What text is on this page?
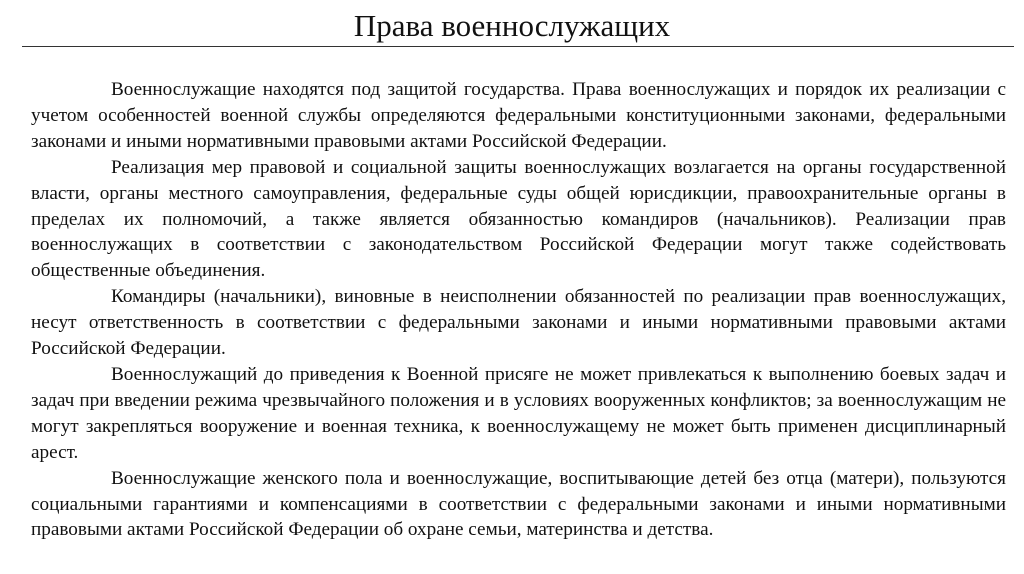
Права военнослужащих

Военнослужащие находятся под защитой государства. Права военнослужащих и порядок их реализации с учетом особенностей военной службы определяются федеральными конституционными законами, федеральными законами и иными нормативными правовыми актами Российской Федерации.

Реализация мер правовой и социальной защиты военнослужащих возлагается на органы государственной власти, органы местного самоуправления, федеральные суды общей юрисдикции, правоохранительные органы в пределах их полномочий, а также является обязанностью командиров (начальников). Реализации прав военнослужащих в соответствии с законодательством Российской Федерации могут также содействовать общественные объединения.

Командиры (начальники), виновные в неисполнении обязанностей по реализации прав военнослужащих, несут ответственность в соответствии с федеральными законами и иными нормативными правовыми актами Российской Федерации.

Военнослужащий до приведения к Военной присяге не может привлекаться к выполнению боевых задач и задач при введении режима чрезвычайного положения и в условиях вооруженных конфликтов; за военнослужащим не могут закрепляться вооружение и военная техника, к военнослужащему не может быть применен дисциплинарный арест.

Военнослужащие женского пола и военнослужащие, воспитывающие детей без отца (матери), пользуются социальными гарантиями и компенсациями в соответствии с федеральными законами и иными нормативными правовыми актами Российской Федерации об охране семьи, материнства и детства.
